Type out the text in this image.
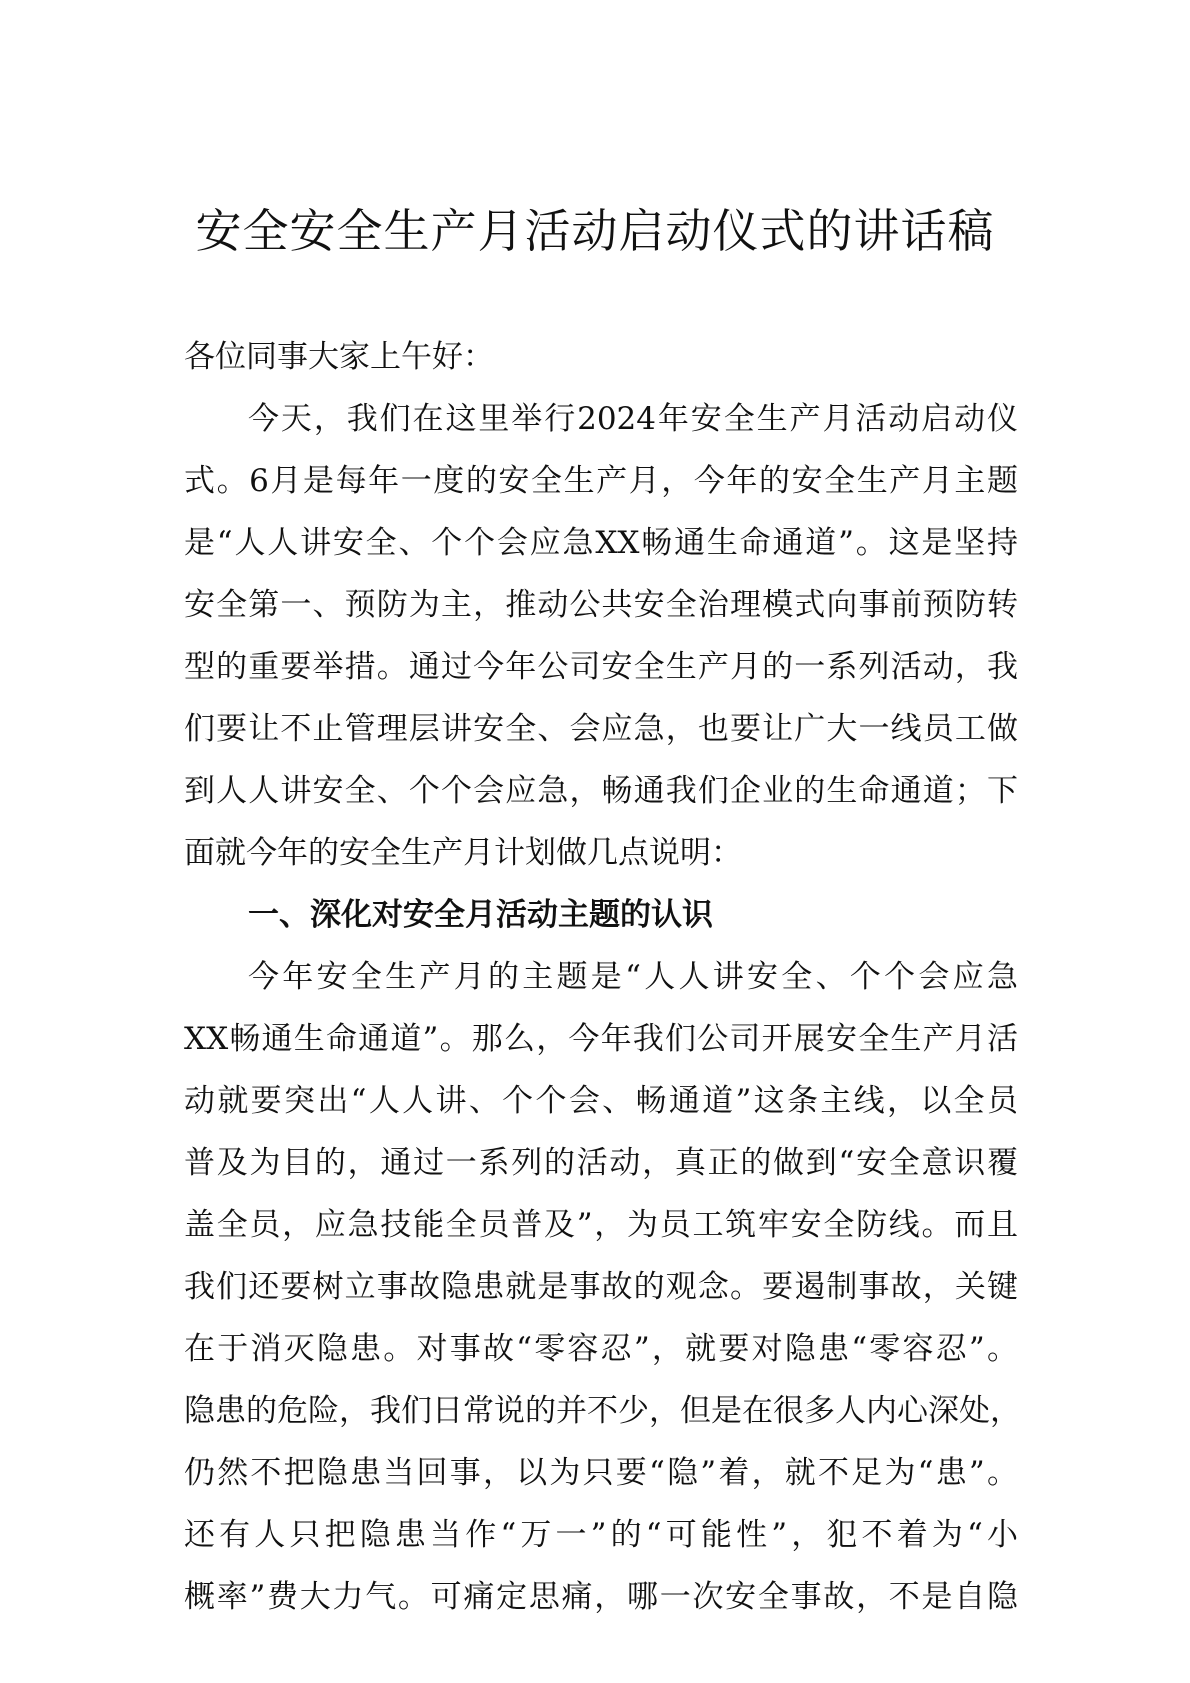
安全安全生产月活动启动仪式的讲话稿
各位同事大家上午好：
今天，我们在这里举行2024年安全生产月活动启动仪
式。6月是每年一度的安全生产月，今年的安全生产月主题
是“人人讲安全、个个会应急XX畅通生命通道”。这是坚持
安全第一、预防为主，推动公共安全治理模式向事前预防转
型的重要举措。通过今年公司安全生产月的一系列活动，我
们要让不止管理层讲安全、会应急，也要让广大一线员工做
到人人讲安全、个个会应急，畅通我们企业的生命通道；下
面就今年的安全生产月计划做几点说明：
一、深化对安全月活动主题的认识
今年安全生产月的主题是“人人讲安全、个个会应急
XX畅通生命通道”。那么，今年我们公司开展安全生产月活
动就要突出“人人讲、个个会、畅通道”这条主线，以全员
普及为目的，通过一系列的活动，真正的做到“安全意识覆
盖全员，应急技能全员普及”，为员工筑牢安全防线。而且
我们还要树立事故隐患就是事故的观念。要遏制事故，关键
在于消灭隐患。对事故“零容忍”，就要对隐患“零容忍”。
隐患的危险，我们日常说的并不少，但是在很多人内心深处，
仍然不把隐患当回事，以为只要“隐”着，就不足为“患”。
还有人只把隐患当作“万一”的“可能性”，犯不着为“小
概率”费大力气。可痛定思痛，哪一次安全事故，不是自隐
